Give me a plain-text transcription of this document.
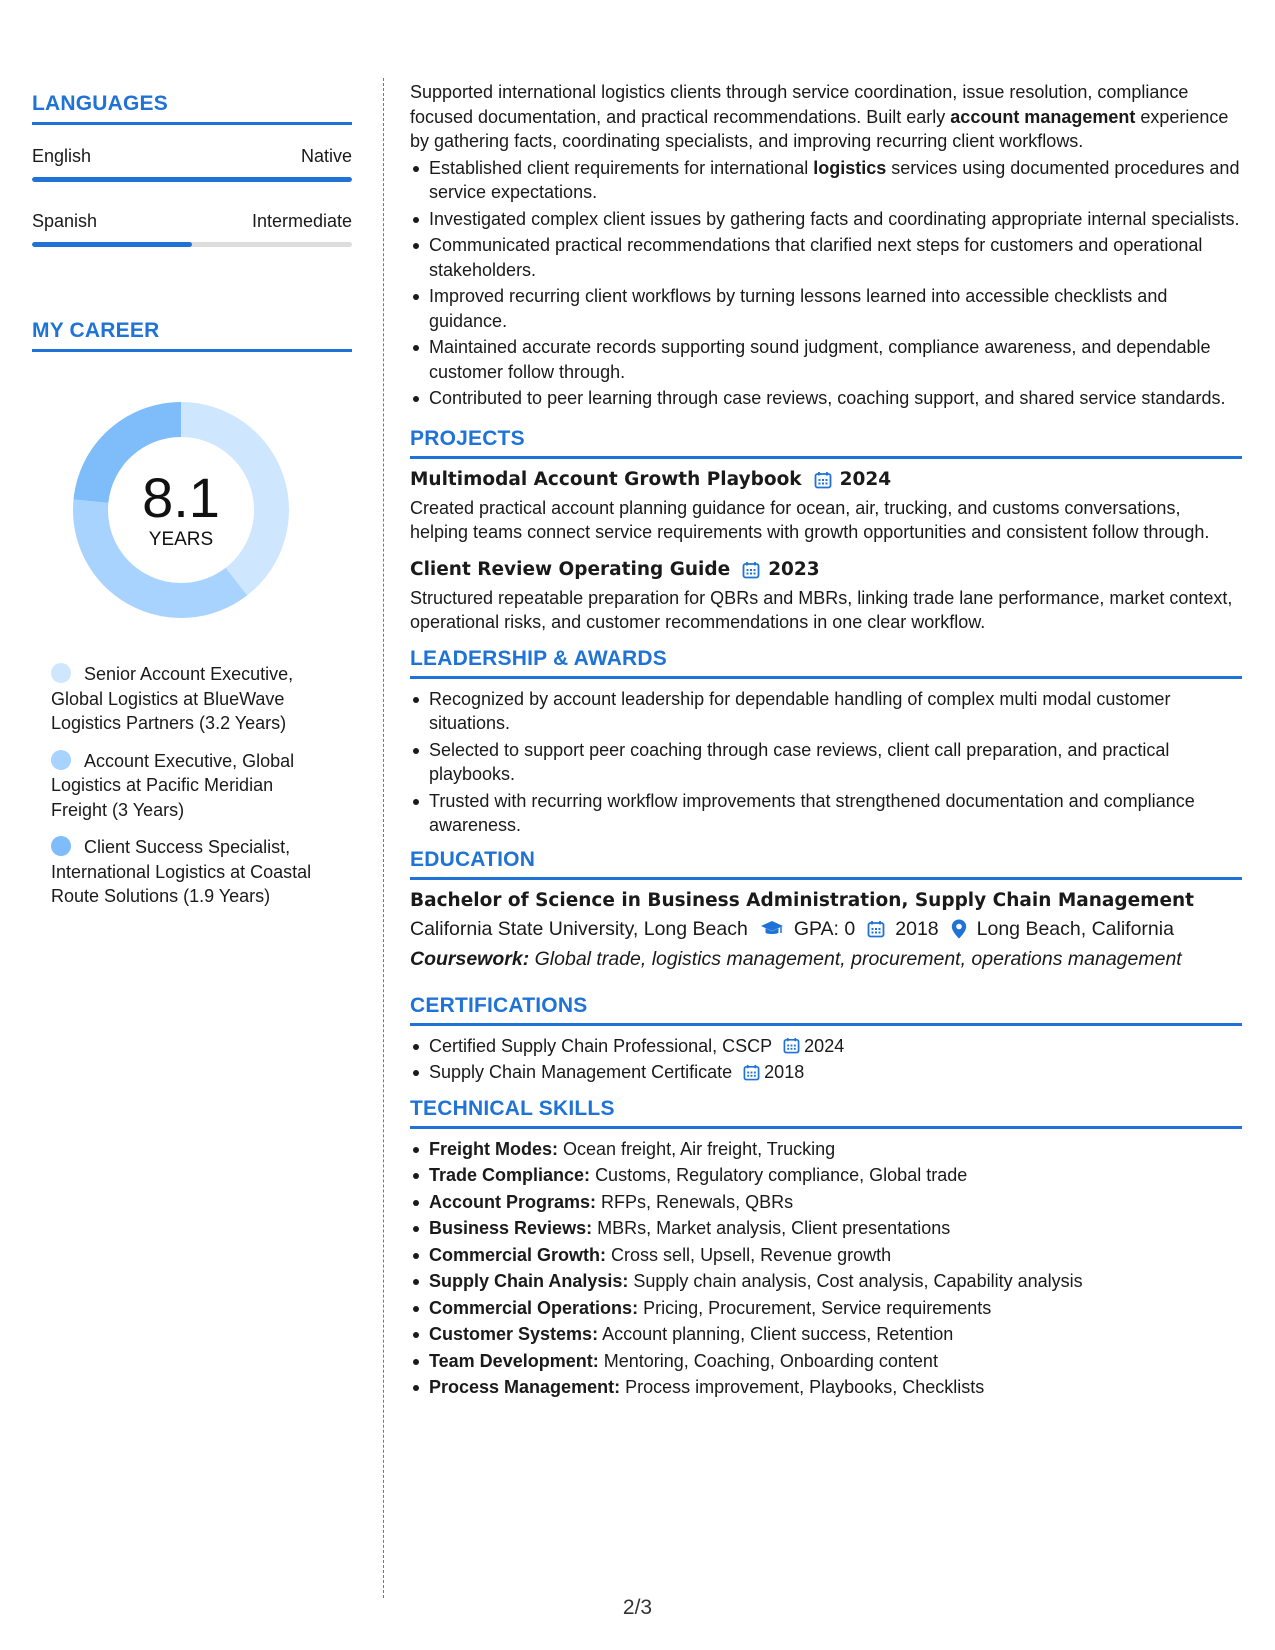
LANGUAGES
English	Native
Spanish	Intermediate
MY CAREER
8.1
YEARS
Senior Account Executive, Global Logistics at BlueWave Logistics Partners (3.2 Years)
Account Executive, Global Logistics at Pacific Meridian Freight (3 Years)
Client Success Specialist, International Logistics at Coastal Route Solutions (1.9 Years)
Supported international logistics clients through service coordination, issue resolution, compliance focused documentation, and practical recommendations. Built early account management experience by gathering facts, coordinating specialists, and improving recurring client workflows.
Established client requirements for international logistics services using documented procedures and service expectations.
Investigated complex client issues by gathering facts and coordinating appropriate internal specialists.
Communicated practical recommendations that clarified next steps for customers and operational stakeholders.
Improved recurring client workflows by turning lessons learned into accessible checklists and guidance.
Maintained accurate records supporting sound judgment, compliance awareness, and dependable customer follow through.
Contributed to peer learning through case reviews, coaching support, and shared service standards.
PROJECTS
Multimodal Account Growth Playbook 2024
Created practical account planning guidance for ocean, air, trucking, and customs conversations, helping teams connect service requirements with growth opportunities and consistent follow through.
Client Review Operating Guide 2023
Structured repeatable preparation for QBRs and MBRs, linking trade lane performance, market context, operational risks, and customer recommendations in one clear workflow.
LEADERSHIP & AWARDS
Recognized by account leadership for dependable handling of complex multi modal customer situations.
Selected to support peer coaching through case reviews, client call preparation, and practical playbooks.
Trusted with recurring workflow improvements that strengthened documentation and compliance awareness.
EDUCATION
Bachelor of Science in Business Administration, Supply Chain Management
California State University, Long Beach GPA: 0 2018 Long Beach, California
Coursework: Global trade, logistics management, procurement, operations management
CERTIFICATIONS
Certified Supply Chain Professional, CSCP 2024
Supply Chain Management Certificate 2018
TECHNICAL SKILLS
Freight Modes: Ocean freight, Air freight, Trucking
Trade Compliance: Customs, Regulatory compliance, Global trade
Account Programs: RFPs, Renewals, QBRs
Business Reviews: MBRs, Market analysis, Client presentations
Commercial Growth: Cross sell, Upsell, Revenue growth
Supply Chain Analysis: Supply chain analysis, Cost analysis, Capability analysis
Commercial Operations: Pricing, Procurement, Service requirements
Customer Systems: Account planning, Client success, Retention
Team Development: Mentoring, Coaching, Onboarding content
Process Management: Process improvement, Playbooks, Checklists
2/3
